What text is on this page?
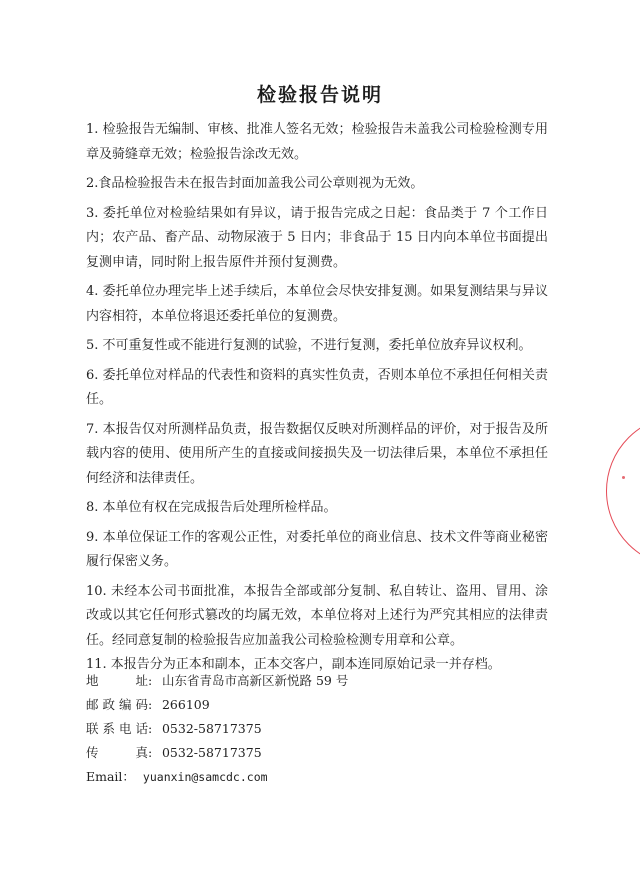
检验报告说明

1. 检验报告无编制、审核、批准人签名无效；检验报告未盖我公司检验检测专用章及骑缝章无效；检验报告涂改无效。

2.食品检验报告未在报告封面加盖我公司公章则视为无效。

3. 委托单位对检验结果如有异议，请于报告完成之日起：食品类于 7 个工作日内；农产品、畜产品、动物尿液于 5 日内；非食品于 15 日内向本单位书面提出复测申请，同时附上报告原件并预付复测费。

4. 委托单位办理完毕上述手续后，本单位会尽快安排复测。如果复测结果与异议内容相符，本单位将退还委托单位的复测费。

5. 不可重复性或不能进行复测的试验，不进行复测，委托单位放弃异议权利。

6. 委托单位对样品的代表性和资料的真实性负责，否则本单位不承担任何相关责任。

7. 本报告仅对所测样品负责，报告数据仅反映对所测样品的评价，对于报告及所载内容的使用、使用所产生的直接或间接损失及一切法律后果，本单位不承担任何经济和法律责任。

8. 本单位有权在完成报告后处理所检样品。

9. 本单位保证工作的客观公正性，对委托单位的商业信息、技术文件等商业秘密履行保密义务。

10. 未经本公司书面批准，本报告全部或部分复制、私自转让、盗用、冒用、涂改或以其它任何形式篡改的均属无效，本单位将对上述行为严究其相应的法律责任。经同意复制的检验报告应加盖我公司检验检测专用章和公章。

11. 本报告分为正本和副本，正本交客户，副本连同原始记录一并存档。

地址: 山东省青岛市高新区新悦路 59 号
邮政编码: 266109
联系电话: 0532-58717375
传真: 0532-58717375
Email： yuanxin@samcdc.com
